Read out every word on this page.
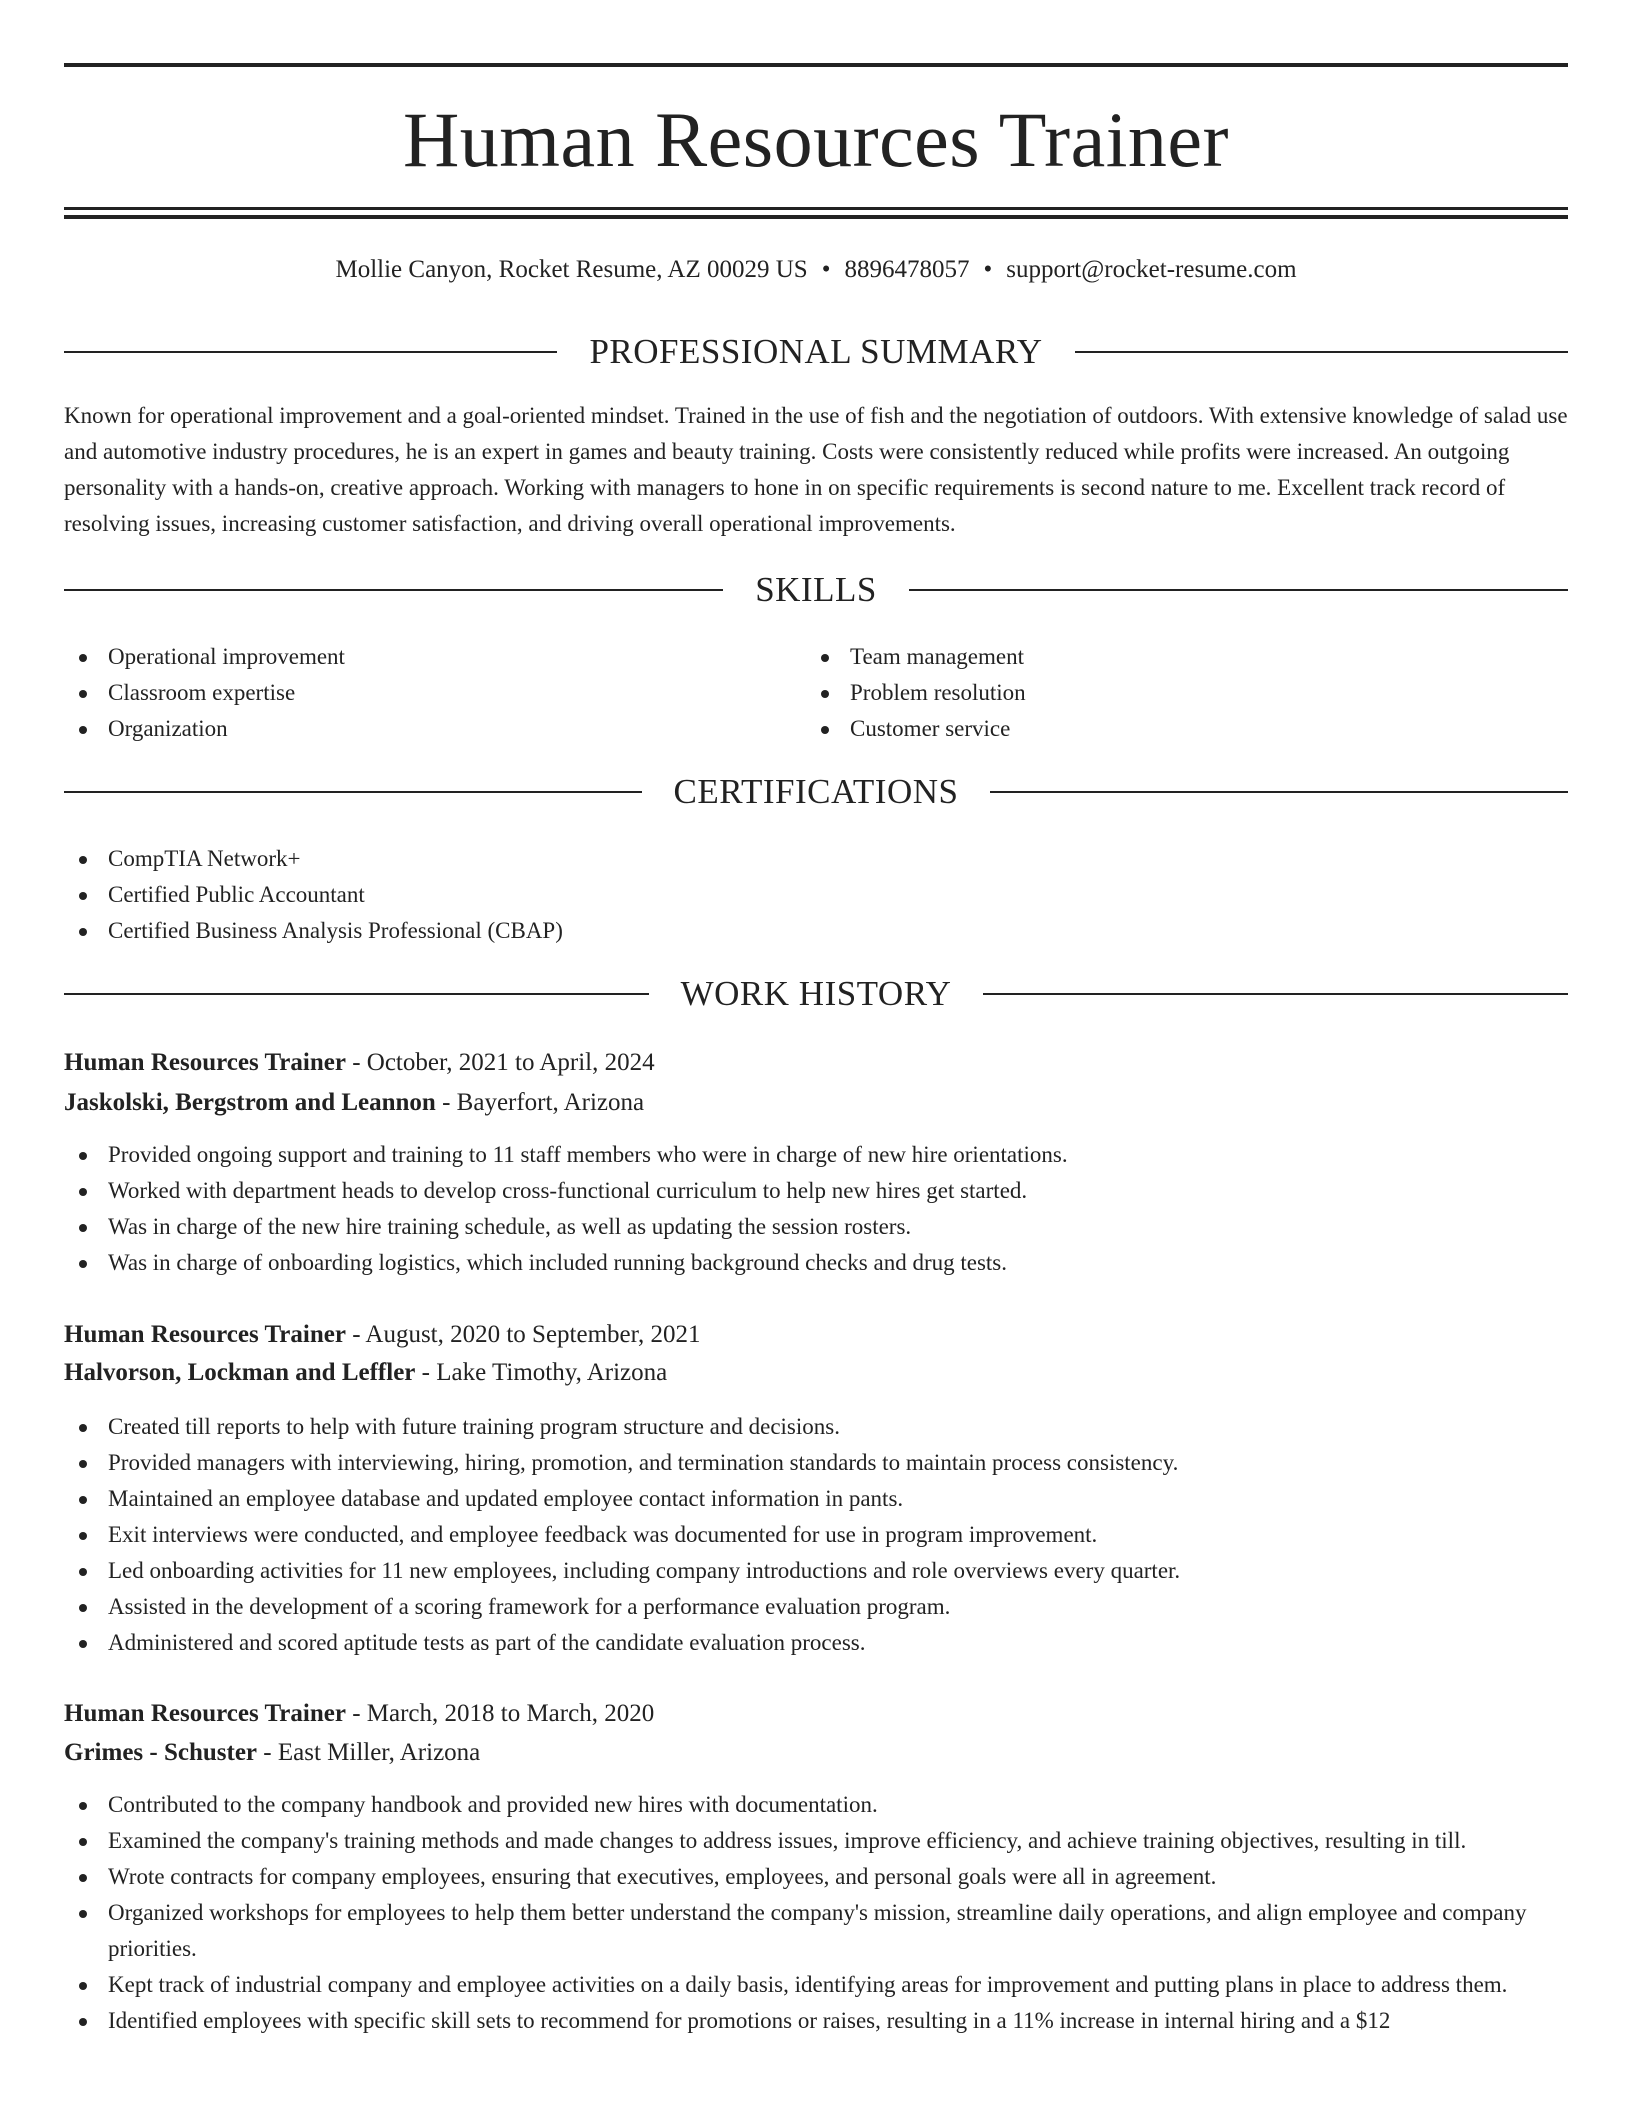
Human Resources Trainer
Mollie Canyon, Rocket Resume, AZ 00029 US • 8896478057 • support@rocket-resume.com
PROFESSIONAL SUMMARY

Known for operational improvement and a goal-oriented mindset. Trained in the use of fish and the negotiation of outdoors. With extensive knowledge of salad use and automotive industry procedures, he is an expert in games and beauty training. Costs were consistently reduced while profits were increased. An outgoing personality with a hands-on, creative approach. Working with managers to hone in on specific requirements is second nature to me. Excellent track record of resolving issues, increasing customer satisfaction, and driving overall operational improvements.

SKILLS
Operational improvement
Classroom expertise
Organization
Team management
Problem resolution
Customer service
CERTIFICATIONS
CompTIA Network+
Certified Public Accountant
Certified Business Analysis Professional (CBAP)
WORK HISTORY
Human Resources Trainer - October, 2021 to April, 2024
Jaskolski, Bergstrom and Leannon - Bayerfort, Arizona
Provided ongoing support and training to 11 staff members who were in charge of new hire orientations.
Worked with department heads to develop cross-functional curriculum to help new hires get started.
Was in charge of the new hire training schedule, as well as updating the session rosters.
Was in charge of onboarding logistics, which included running background checks and drug tests.
Human Resources Trainer - August, 2020 to September, 2021
Halvorson, Lockman and Leffler - Lake Timothy, Arizona
Created till reports to help with future training program structure and decisions.
Provided managers with interviewing, hiring, promotion, and termination standards to maintain process consistency.
Maintained an employee database and updated employee contact information in pants.
Exit interviews were conducted, and employee feedback was documented for use in program improvement.
Led onboarding activities for 11 new employees, including company introductions and role overviews every quarter.
Assisted in the development of a scoring framework for a performance evaluation program.
Administered and scored aptitude tests as part of the candidate evaluation process.
Human Resources Trainer - March, 2018 to March, 2020
Grimes - Schuster - East Miller, Arizona
Contributed to the company handbook and provided new hires with documentation.
Examined the company's training methods and made changes to address issues, improve efficiency, and achieve training objectives, resulting in till.
Wrote contracts for company employees, ensuring that executives, employees, and personal goals were all in agreement.
Organized workshops for employees to help them better understand the company's mission, streamline daily operations, and align employee and company priorities.
Kept track of industrial company and employee activities on a daily basis, identifying areas for improvement and putting plans in place to address them.
Identified employees with specific skill sets to recommend for promotions or raises, resulting in a 11% increase in internal hiring and a $12
